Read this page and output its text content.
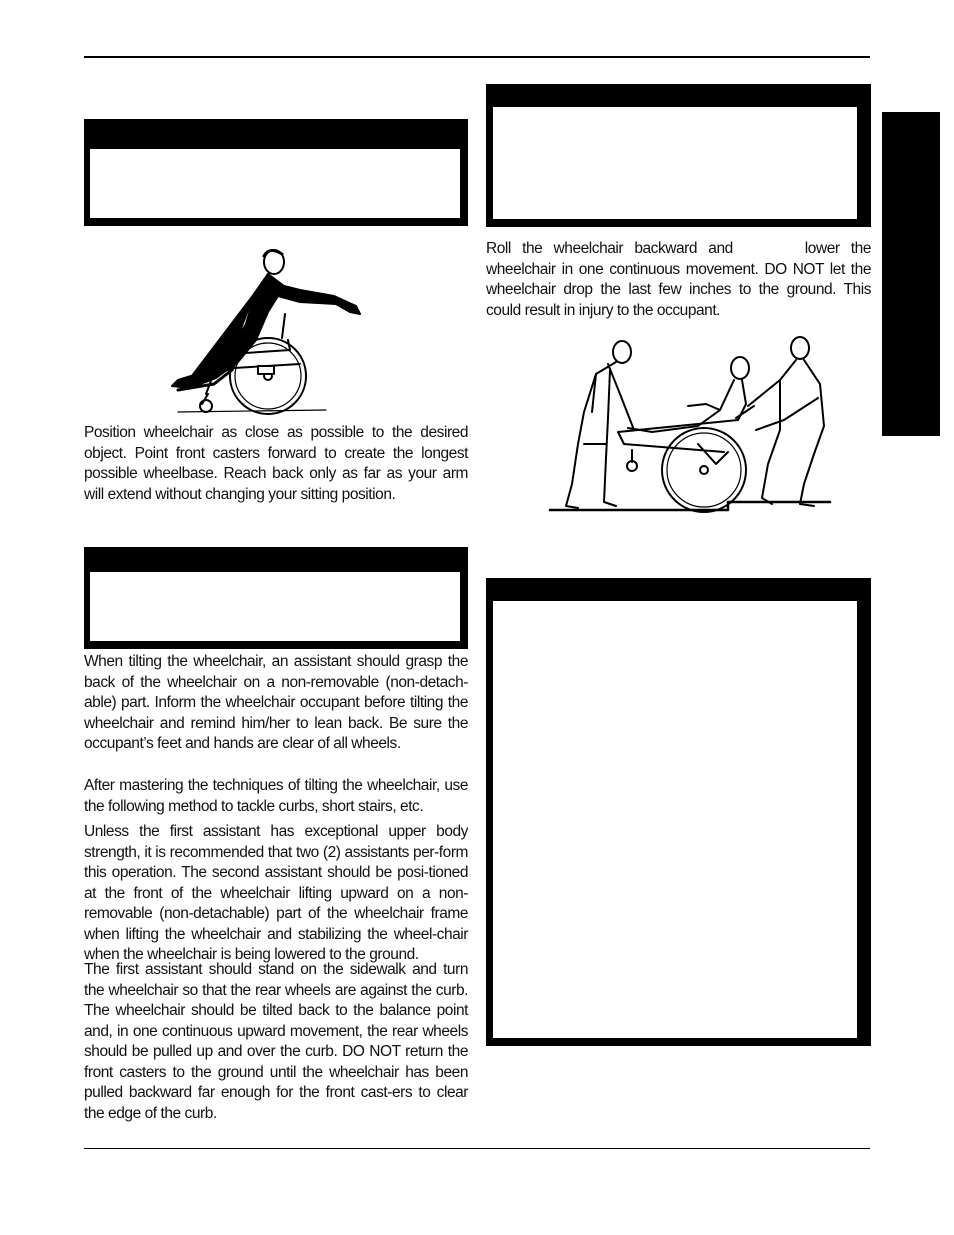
Position wheelchair as close as possible to the desired object. Point front casters forward to create the longest possible wheelbase. Reach back only as far as your arm will extend without changing your sitting position.

When tilting the wheelchair, an assistant should grasp the back of the wheelchair on a non-removable (non-detach-able) part. Inform the wheelchair occupant before tilting the wheelchair and remind him/her to lean back. Be sure the occupant’s feet and hands are clear of all wheels.

After mastering the techniques of tilting the wheelchair, use the following method to tackle curbs, short stairs, etc.

Unless the first assistant has exceptional upper body strength, it is recommended that two (2) assistants per-form this operation. The second assistant should be posi-tioned at the front of the wheelchair lifting upward on a non-removable (non-detachable) part of the wheelchair frame when lifting the wheelchair and stabilizing the wheel-chair when the wheelchair is being lowered to the ground.

The first assistant should stand on the sidewalk and turn the wheelchair so that the rear wheels are against the curb. The wheelchair should be tilted back to the balance point and, in one continuous upward movement, the rear wheels should be pulled up and over the curb. DO NOT return the front casters to the ground until the wheelchair has been pulled backward far enough for the front cast-ers to clear the edge of the curb.

Roll the wheelchair backward and	lower the wheelchair in one continuous movement. DO NOT let the wheelchair drop the last few inches to the ground. This could result in injury to the occupant.
